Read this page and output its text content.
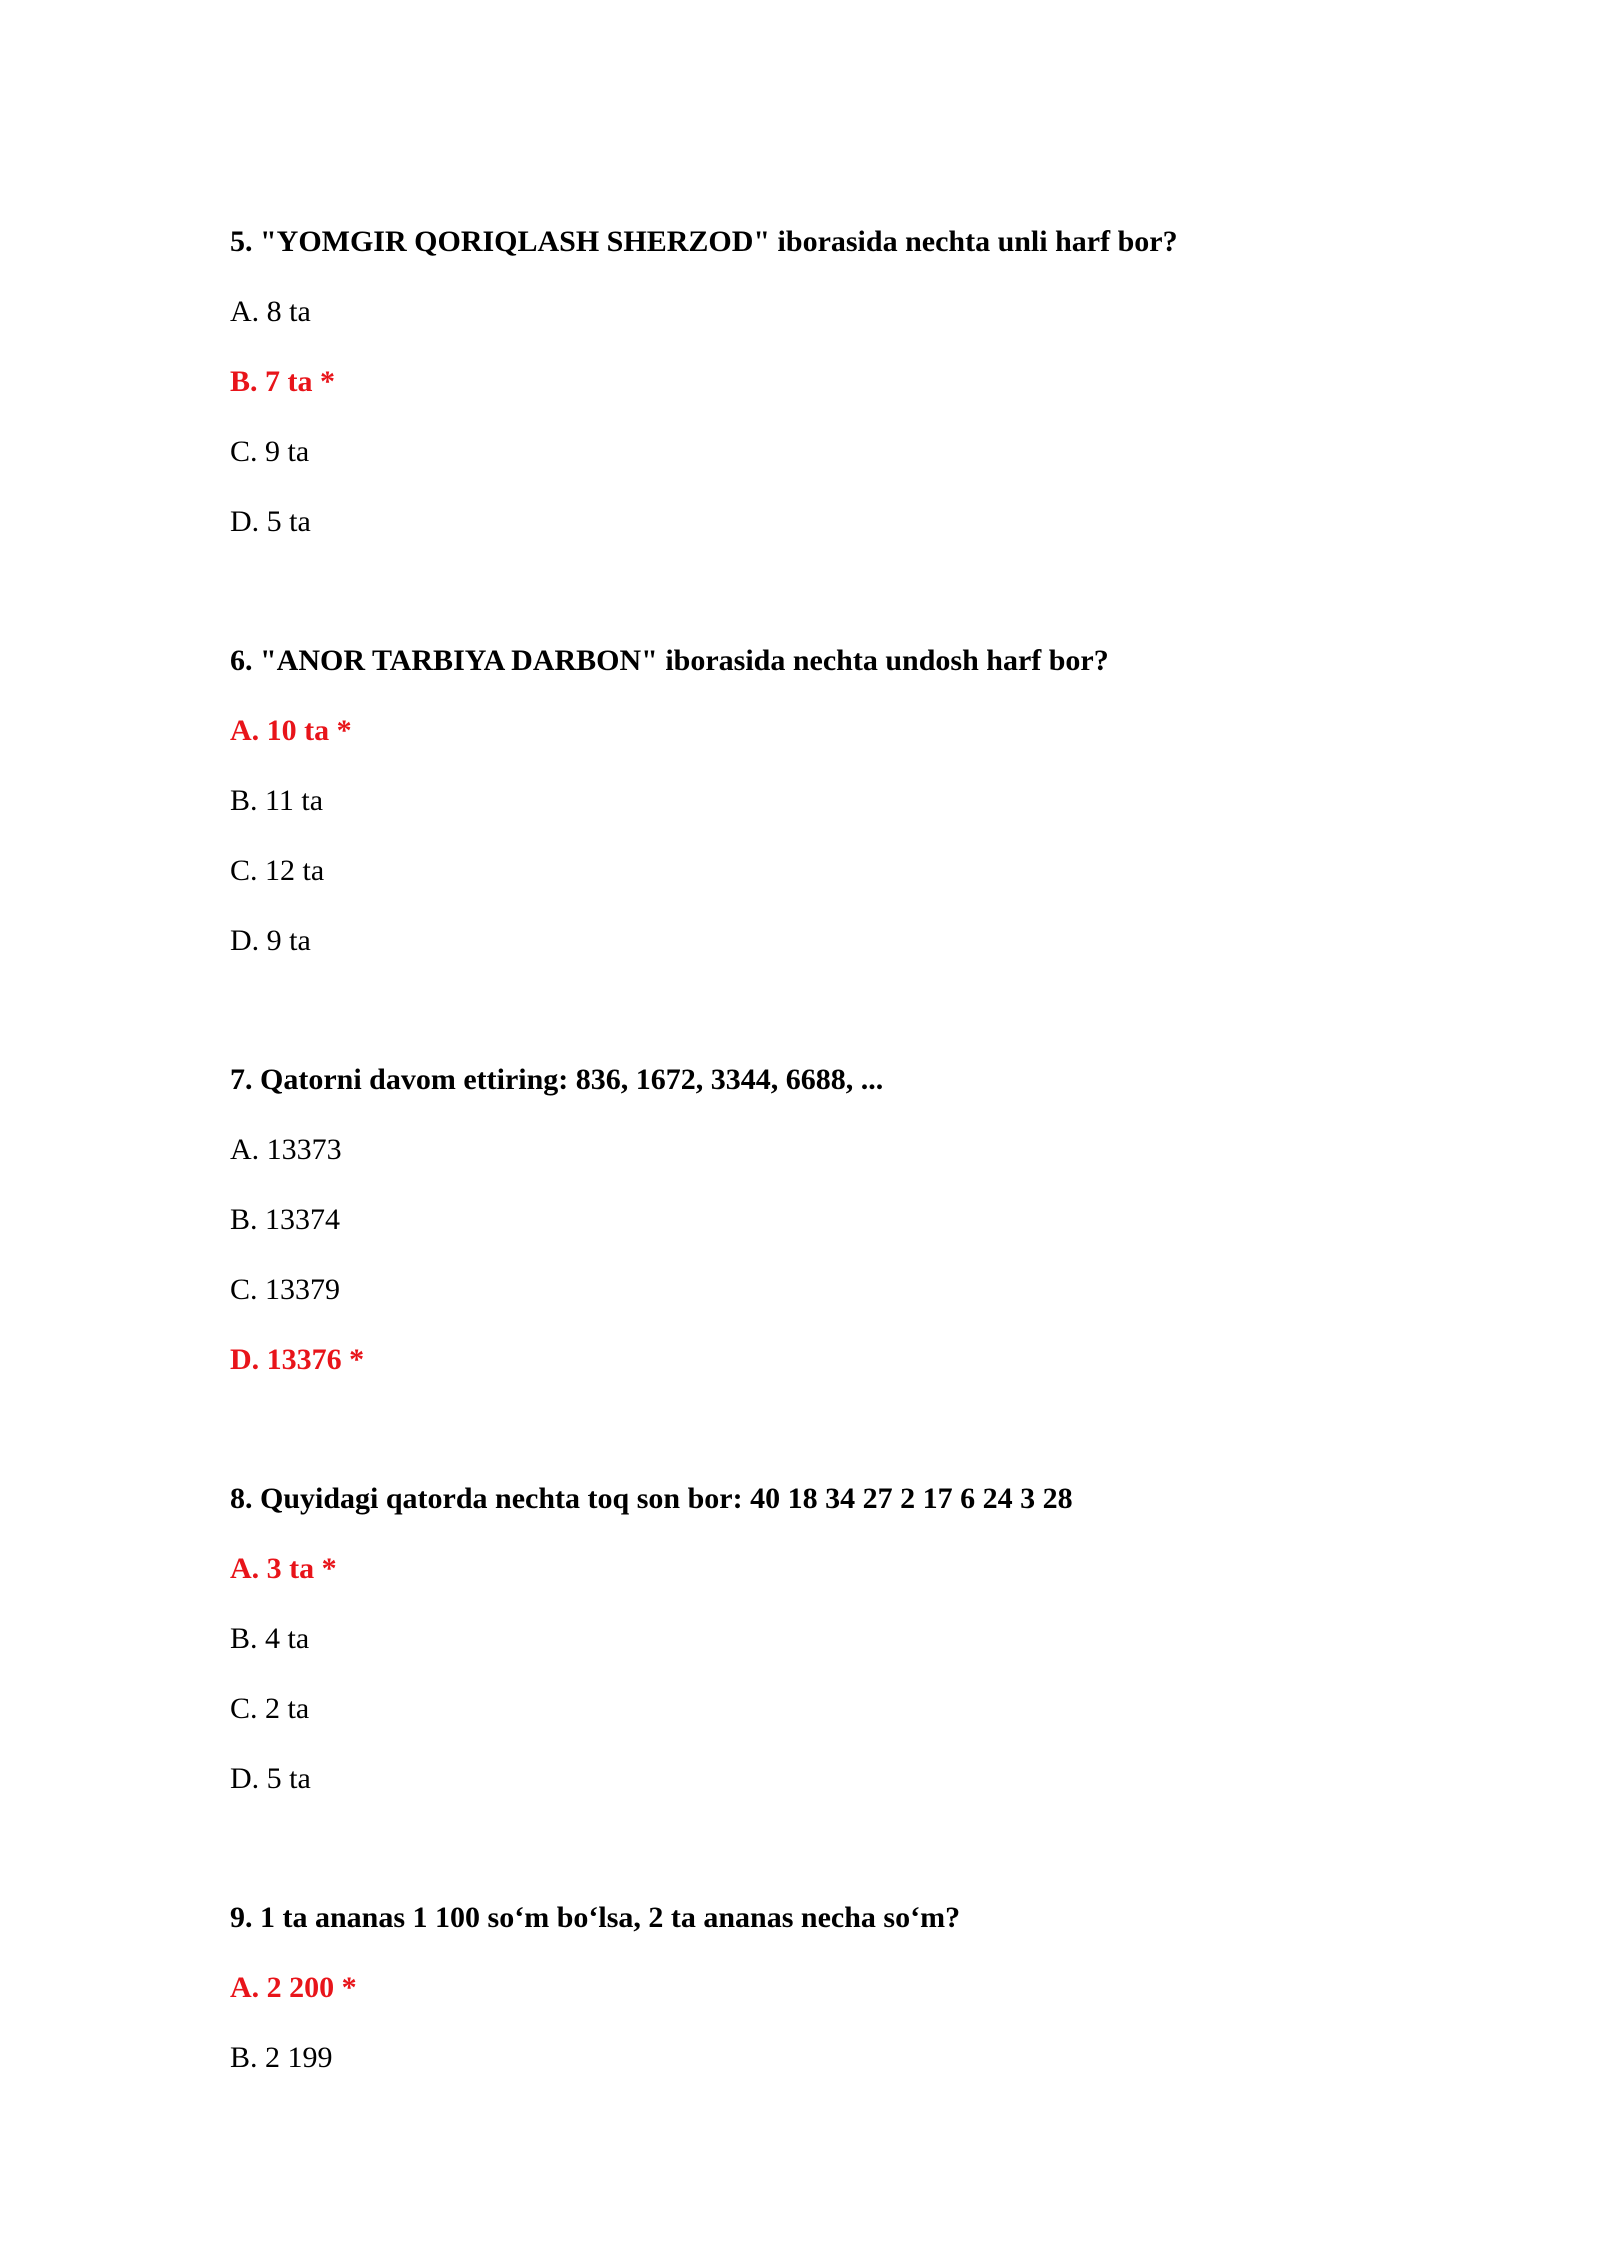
5. "YOMGIR QORIQLASH SHERZOD" iborasida nechta unli harf bor?
A. 8 ta
B. 7 ta *
C. 9 ta
D. 5 ta
6. "ANOR TARBIYA DARBON" iborasida nechta undosh harf bor?
A. 10 ta *
B. 11 ta
C. 12 ta
D. 9 ta
7. Qatorni davom ettiring: 836, 1672, 3344, 6688, ...
A. 13373
B. 13374
C. 13379
D. 13376 *
8. Quyidagi qatorda nechta toq son bor: 40 18 34 27 2 17 6 24 3 28
A. 3 ta *
B. 4 ta
C. 2 ta
D. 5 ta
9. 1 ta ananas 1 100 so‘m bo‘lsa, 2 ta ananas necha so‘m?
A. 2 200 *
B. 2 199
